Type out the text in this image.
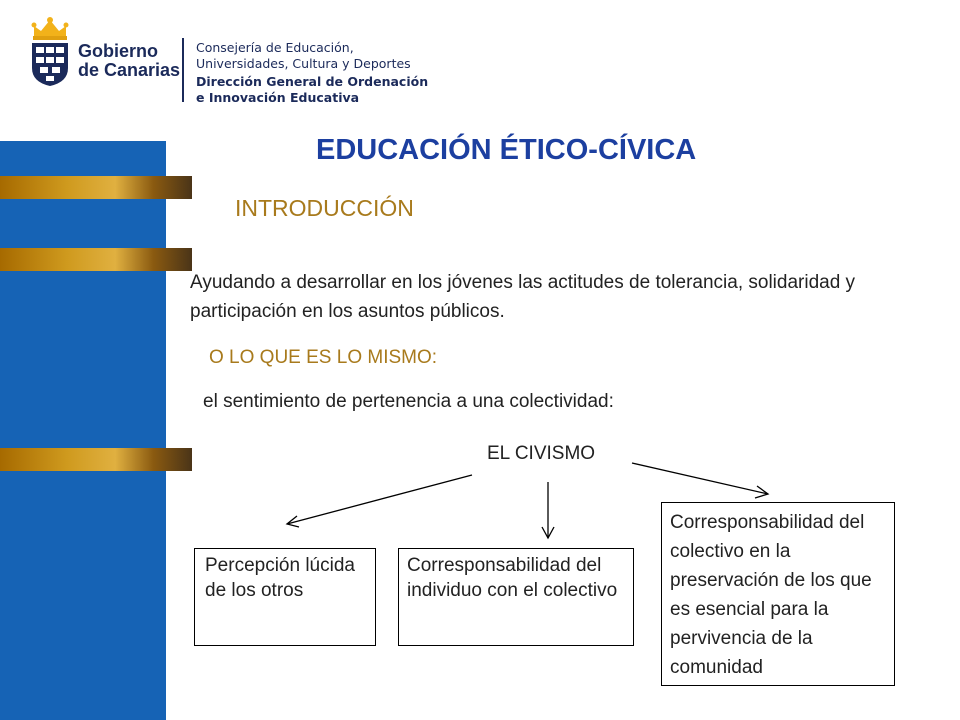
Gobierno
de Canarias
Consejería de Educación,
Universidades, Cultura y Deportes
Dirección General de Ordenación
e Innovación Educativa
EDUCACIÓN ÉTICO-CÍVICA
INTRODUCCIÓN
Ayudando a desarrollar en los jóvenes las actitudes de tolerancia, solidaridad y participación en los asuntos públicos.
O LO QUE ES LO MISMO:
el sentimiento de pertenencia a una colectividad:
EL CIVISMO
Percepción lúcida de los otros
Corresponsabilidad del individuo con el colectivo
Corresponsabilidad del colectivo en la preservación de los que es esencial para la pervivencia de la comunidad
